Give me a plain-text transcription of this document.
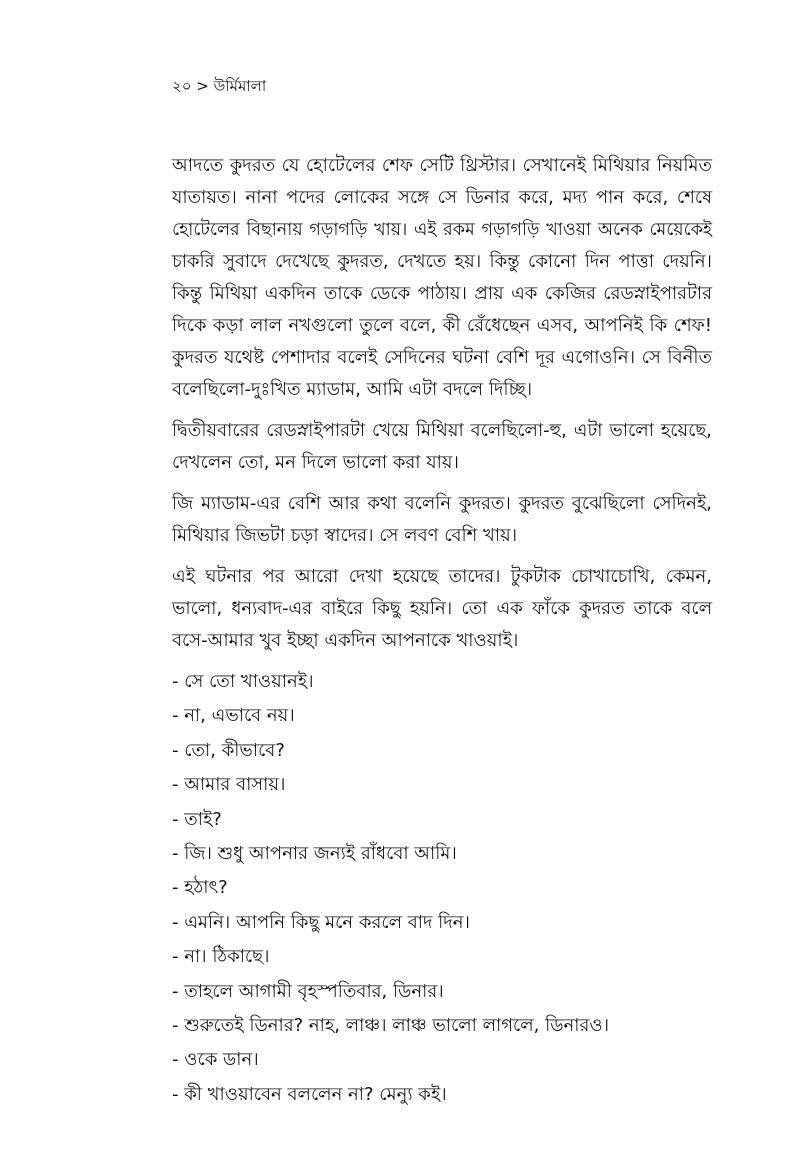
২০ > উর্মিমালা
আদতে কুদরত যে হোটেলের শেফ সেটি থ্রিস্টার। সেখানেই মিথিয়ার নিয়মিত
যাতায়ত। নানা পদের লোকের সঙ্গে সে ডিনার করে, মদ্য পান করে, শেষে
হোটেলের বিছানায় গড়াগড়ি খায়। এই রকম গড়াগড়ি খাওয়া অনেক মেয়েকেই
চাকরি সুবাদে দেখেছে কুদরত, দেখতে হয়। কিন্তু কোনো দিন পাত্তা দেয়নি।
কিন্তু মিথিয়া একদিন তাকে ডেকে পাঠায়। প্রায় এক কেজির রেডস্নাইপারটার
দিকে কড়া লাল নখগুলো তুলে বলে, কী রেঁধেছেন এসব, আপনিই কি শেফ!
কুদরত যথেষ্ট পেশাদার বলেই সেদিনের ঘটনা বেশি দূর এগোওনি। সে বিনীত
বলেছিলো-দুঃখিত ম্যাডাম, আমি এটা বদলে দিচ্ছি।
দ্বিতীয়বারের রেডস্নাইপারটা খেয়ে মিথিয়া বলেছিলো-হু, এটা ভালো হয়েছে,
দেখলেন তো, মন দিলে ভালো করা যায়।
জি ম্যাডাম-এর বেশি আর কথা বলেনি কুদরত। কুদরত বুঝেছিলো সেদিনই,
মিথিয়ার জিভটা চড়া স্বাদের। সে লবণ বেশি খায়।
এই ঘটনার পর আরো দেখা হয়েছে তাদের। টুকটাক চোখাচোখি, কেমন,
ভালো, ধন্যবাদ-এর বাইরে কিছু হয়নি। তো এক ফাঁকে কুদরত তাকে বলে
বসে-আমার খুব ইচ্ছা একদিন আপনাকে খাওয়াই।
- সে তো খাওয়ানই।
- না, এভাবে নয়।
- তো, কীভাবে?
- আমার বাসায়।
- তাই?
- জি। শুধু আপনার জন্যই রাঁধবো আমি।
- হঠাৎ?
- এমনি। আপনি কিছু মনে করলে বাদ দিন।
- না। ঠিকাছে।
- তাহলে আগামী বৃহস্পতিবার, ডিনার।
- শুরুতেই ডিনার? নাহ, লাঞ্চ। লাঞ্চ ভালো লাগলে, ডিনারও।
- ওকে ডান।
- কী খাওয়াবেন বললেন না? মেন্যু কই।
